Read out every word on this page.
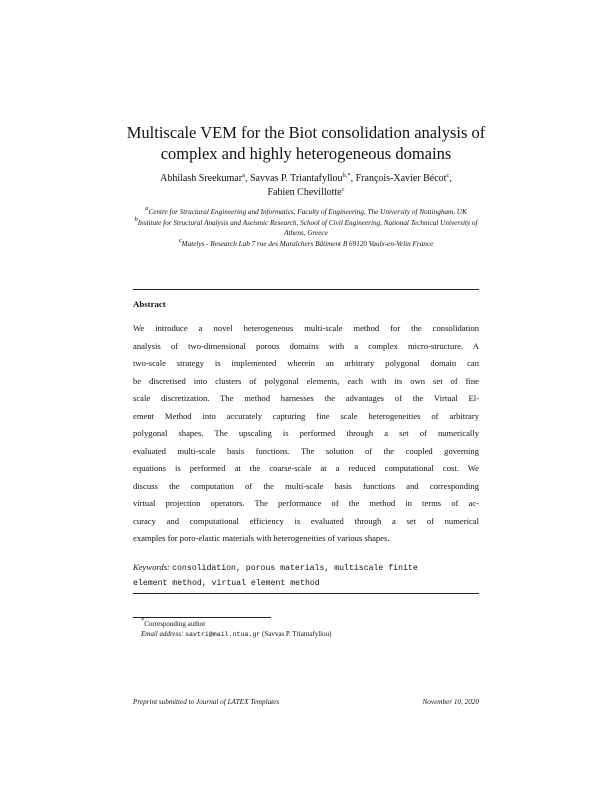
Multiscale VEM for the Biot consolidation analysis of
complex and highly heterogeneous domains
Abhilash Sreekumar$^a$, Savvas P. Triantafyllou$^{b,*}$, François-Xavier Bécot$^c$,
Fabien Chevillotte$^c$

$^a$Centre for Structural Engineering and Informatics, Faculty of Engineering, The University of Nottingham, UK

$^b$Institute for Structural Analysis and Aseismic Research, School of Civil Engineering, National Technical University of Athens, Greece

$^c$Matelys - Research Lab 7 rue des Maraîchers Bâtiment B 69120 Vaulx-en-Velin France

Abstract
We introduce a novel heterogeneous multi-scale method for the consolidation
analysis of two-dimensional porous domains with a complex micro-structure. A
two-scale strategy is implemented wherein an arbitrary polygonal domain can
be discretised into clusters of polygonal elements, each with its own set of fine
scale discretization. The method harnesses the advantages of the Virtual El-
ement Method into accurately capturing fine scale heterogeneities of arbitrary
polygonal shapes. The upscaling is performed through a set of numerically
evaluated multi-scale basis functions. The solution of the coupled governing
equations is performed at the coarse-scale at a reduced computational cost. We
discuss the computation of the multi-scale basis functions and corresponding
virtual projection operators. The performance of the method in terms of ac-
curacy and computational efficiency is evaluated through a set of numerical
examples for poro-elastic materials with heterogeneities of various shapes.
Keywords: consolidation, porous materials, multiscale finite
element method, virtual element method
*Corresponding author
Email address: savtri@mail.ntua.gr (Savvas P. Triantafyllou)
Preprint submitted to Journal of LATEX Templates	November 10, 2020
